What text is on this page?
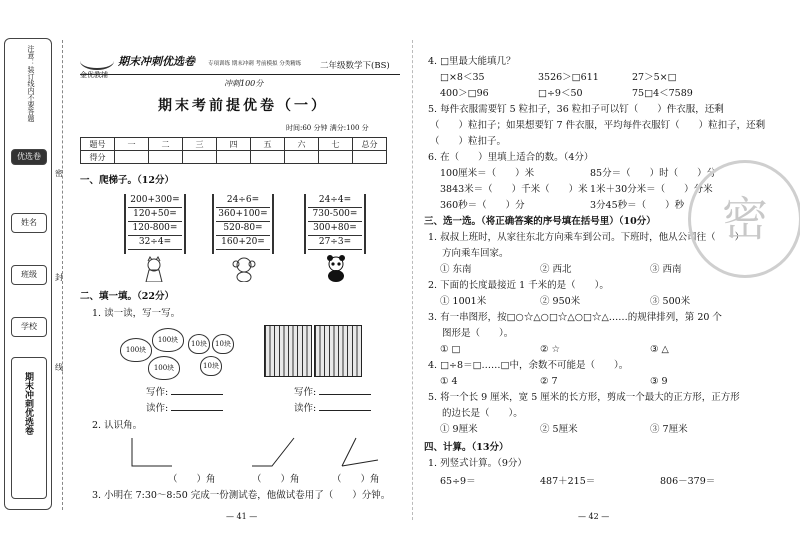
注意：装订线内不要答题
优选卷
姓名
班级
学校
期末冲刺优选卷
密
封
线
金优教辅
期末冲刺优选卷 专项训练 期末冲刺 考前模拟 分类精练
冲刺100分
二年级数学下(BS)
期末考前提优卷（一）
时间:60 分钟 满分:100 分
题号	一	二	三	四	五	六	七	总分
得分								
一、爬梯子。（12分）
200+300=
120+50=
120-800=
32÷4=
24÷6=
360+100=
520-80=
160+20=
24÷4=
730-500=
300+80=
27÷3=
二、填一填。（22分）
1. 读一读，写一写。
100块
100块
100块
10块	10块
10块
写作:
读作:
写作:
读作:
2. 认识角。
（　　）角	（　　）角	（　　）角
3. 小明在 7:30～8:50 完成一份测试卷，他做试卷用了（　　）分钟。
— 41 —
4. □里最大能填几？
□×8＜35	3526＞□611	27＞5×□
400＞□96	□÷9＜50	75□4＜7589
5. 每件衣服需要钉 5 粒扣子，36 粒扣子可以钉（　　）件衣服，还剩
（　　）粒扣子；如果想要钉 7 件衣服，平均每件衣服钉（　　）粒扣子，还剩
（　　）粒扣子。
6. 在（　　）里填上适合的数。（4分）
100厘米＝（　　）米	85分＝（　　）时（　　）分
3843米＝（　　）千米（　　）米 1米＋30分米＝（　　）分米
360秒＝（　　）分	3分45秒＝（　　）秒
三、选一选。（将正确答案的序号填在括号里）（10分）
1. 叔叔上班时，从家往东北方向乘车到公司。下班时，他从公司往（　　）
方向乘车回家。
① 东南	② 西北	③ 西南
2. 下面的长度最接近 1 千米的是（　　）。
① 1001米	② 950米	③ 500米
3. 有一串图形，按□○☆△○□☆△○□☆△……的规律排列，第 20 个
图形是（　　）。
① □	② ☆	③ △
4. □÷8＝□……□中，余数不可能是（　　）。
① 4	② 7	③ 9
5. 将一个长 9 厘米，宽 5 厘米的长方形，剪成一个最大的正方形，正方形
的边长是（　　）。
① 9厘米	② 5厘米	③ 7厘米
四、计算。（13分）
1. 列竖式计算。（9分）
65÷9＝	487＋215＝	806－379＝
— 42 —
密
